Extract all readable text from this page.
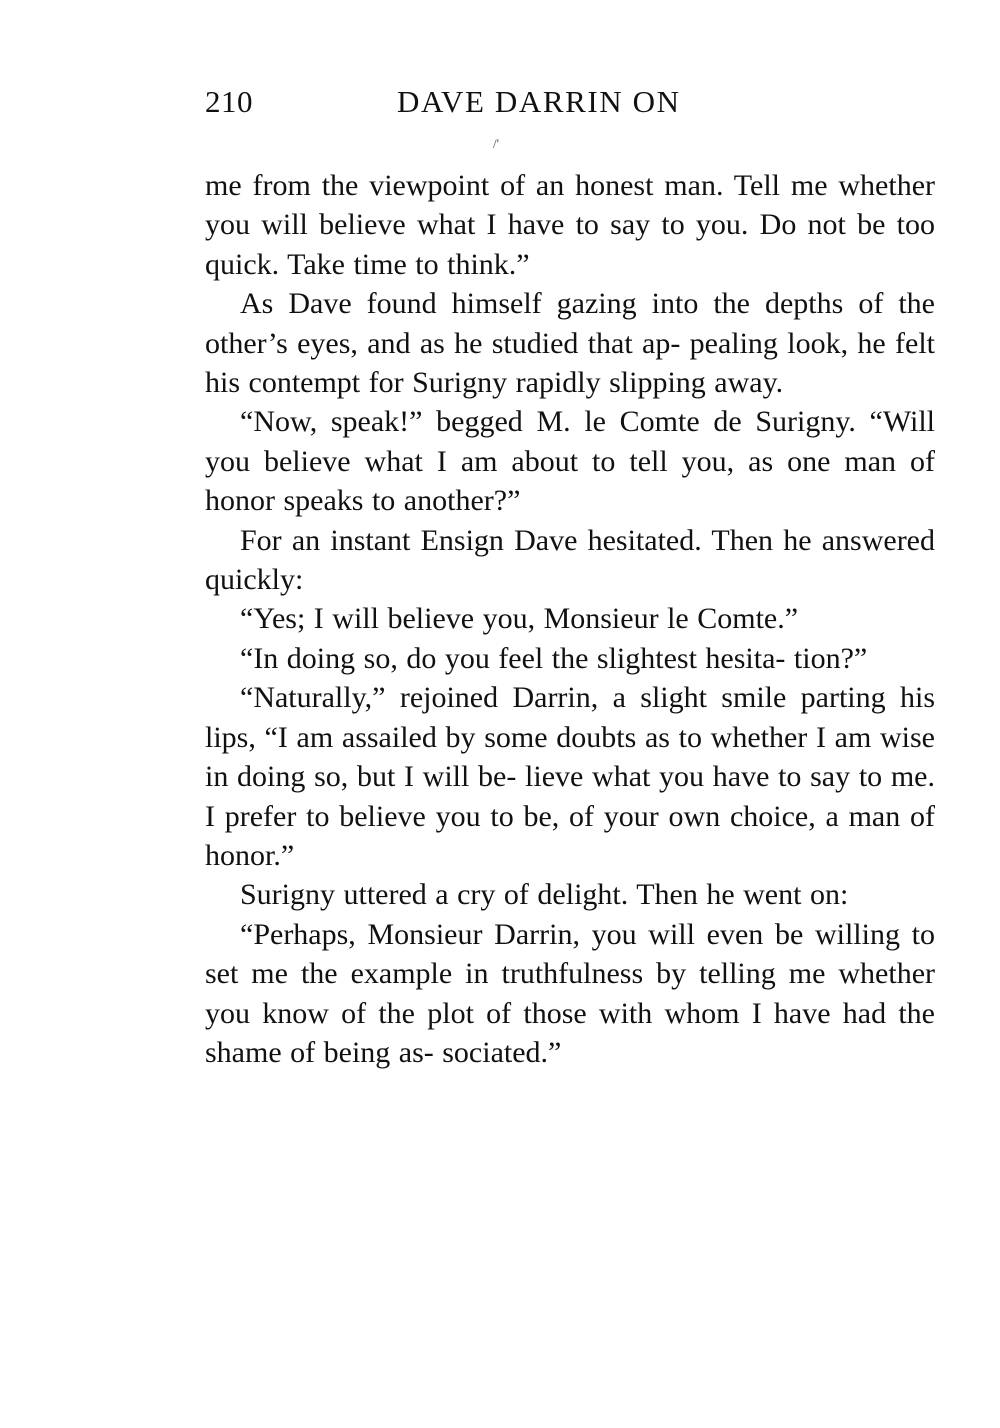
210	DAVE DARRIN ON
/'

me from the viewpoint of an honest man. Tell me whether you will believe what I have to say to you. Do not be too quick. Take time to think.”

As Dave found himself gazing into the depths of the other’s eyes, and as he studied that ap- pealing look, he felt his contempt for Surigny rapidly slipping away.

“Now, speak!” begged M. le Comte de Surigny. “Will you believe what I am about to tell you, as one man of honor speaks to another?”

For an instant Ensign Dave hesitated. Then he answered quickly:

“Yes; I will believe you, Monsieur le Comte.”

“In doing so, do you feel the slightest hesita- tion?”

“Naturally,” rejoined Darrin, a slight smile parting his lips, “I am assailed by some doubts as to whether I am wise in doing so, but I will be- lieve what you have to say to me. I prefer to believe you to be, of your own choice, a man of honor.”

Surigny uttered a cry of delight. Then he went on:

“Perhaps, Monsieur Darrin, you will even be willing to set me the example in truthfulness by telling me whether you know of the plot of those with whom I have had the shame of being as- sociated.”
